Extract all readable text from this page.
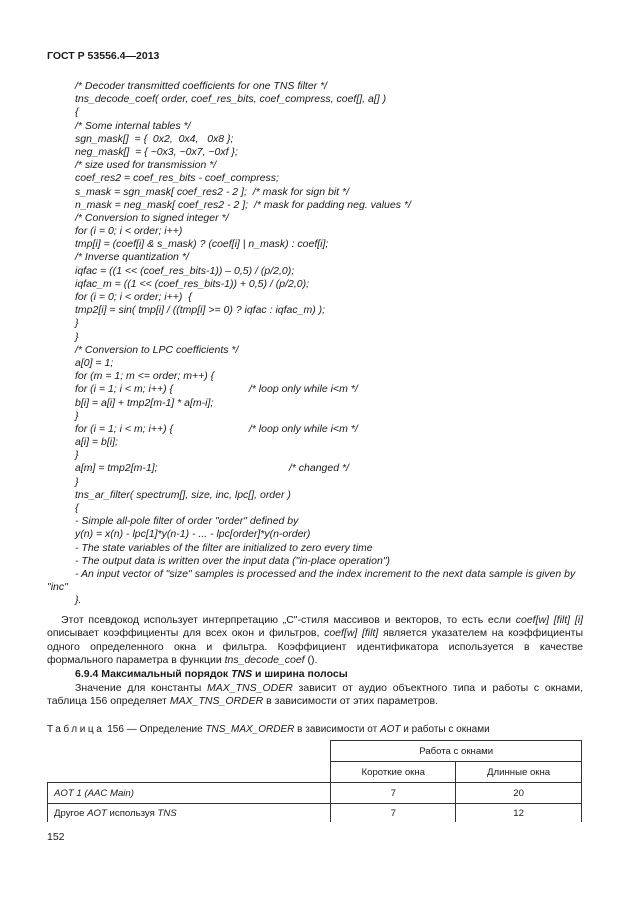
ГОСТ Р 53556.4—2013
/* Decoder transmitted coefficients for one TNS filter */
tns_decode_coef( order, coef_res_bits, coef_compress, coef[], a[] )
{
/* Some internal tables */
sgn_mask[]  = {  0x2,  0x4,   0x8 };
neg_mask[]  = { ~0x3, ~0x7, ~0xf };
/* size used for transmission */
coef_res2 = coef_res_bits - coef_compress;
s_mask = sgn_mask[ coef_res2 - 2 ];  /* mask for sign bit */
n_mask = neg_mask[ coef_res2 - 2 ];  /* mask for padding neg. values */
/* Conversion to signed integer */
for (i = 0; i < order; i++)
tmp[i] = (coef[i] & s_mask) ? (coef[i] | n_mask) : coef[i];
/* Inverse quantization */
iqfac = ((1 << (coef_res_bits-1)) – 0,5) / (p/2,0);
iqfac_m = ((1 << (coef_res_bits-1)) + 0,5) / (p/2,0);
for (i = 0; i < order; i++)  {
tmp2[i] = sin( tmp[i] / ((tmp[i] >= 0) ? iqfac : iqfac_m) );
}
}
/* Conversion to LPC coefficients */
a[0] = 1;
for (m = 1; m <= order; m++) {
for (i = 1; i < m; i++) {                          /* loop only while i<m */
b[i] = a[i] + tmp2[m-1] * a[m-i];
}
for (i = 1; i < m; i++) {                          /* loop only while i<m */
a[i] = b[i];
}
a[m] = tmp2[m-1];                                             /* changed */
}
tns_ar_filter( spectrum[], size, inc, lpc[], order )
{
- Simple all-pole filter of order "order" defined by
y(n) = x(n) - lpc[1]*y(n-1) - ... - lpc[order]*y(n-order)
- The state variables of the filter are initialized to zero every time
- The output data is written over the input data ("in-place operation")
- An input vector of "size" samples is processed and the index increment to the next data sample is given by "inc"
}.
Этот псевдокод использует интерпретацию „С"-стиля массивов и векторов, то есть если coef[w] [filt] [i] описывает коэффициенты для всех окон и фильтров, coef[w] [filt] является указателем на коэффициенты одного определенного окна и фильтра. Коэффициент идентификатора используется в качестве формального параметра в функции tns_decode_coef ().
6.9.4 Максимальный порядок TNS и ширина полосы
Значение для константы MAX_TNS_ODER зависит от аудио объектного типа и работы с окнами, таблица 156 определяет MAX_TNS_ORDER в зависимости от этих параметров.
Таблица 156 — Определение TNS_MAX_ORDER в зависимости от AOT и работы с окнами
	Работа с окнами	
	Короткие окна	Длинные окна
AOT 1 (AAC Main)	7	20
Другое AOT используя TNS	7	12
152
